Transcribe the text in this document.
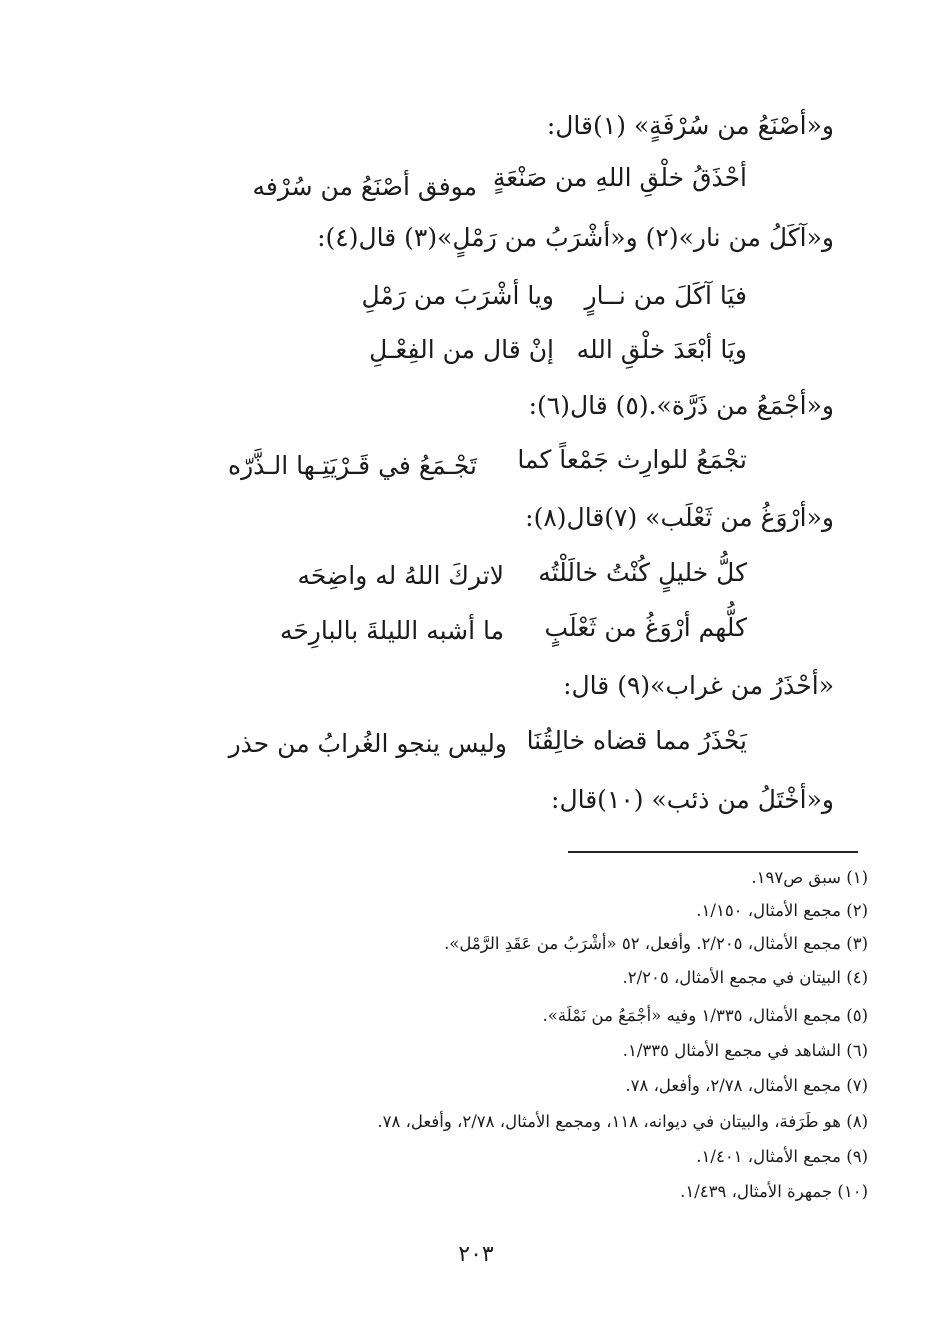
و«أصْنَعُ من سُرْفَةٍ» (١)قال:
أحْذَقُ خلْقِ اللهِ من صَنْعَةٍ
موفق أصْنَعُ من سُرْفه
و«آكَلُ من نار»(٢) و«أشْرَبُ من رَمْلٍ»(٣) قال(٤):
فيَا آكَلَ من نــارٍ
ويا أشْرَبَ من رَمْلِ
ويَا أبْعَدَ خلْقِ الله
إنْ قال من الفِعْـلِ
و«أجْمَعُ من ذَرَّة».(٥) قال(٦):
تجْمَعُ للوارِث جَمْعاً كما
تَجْـمَعُ في قَـرْيَتِـها الـذَّرّه
و«أرْوَغُ من ثَعْلَب» (٧)قال(٨):
كلُّ خليلٍ كُنْتُ خالَلْتُه
لاتركَ اللهُ له واضِحَه
كلُّهم أرْوَغُ من ثَعْلَبٍ
ما أشبه الليلةَ بالبارِحَه
«أحْذَرُ من غراب»(٩) قال:
يَحْذَرُ مما قضاه خالِقُنَا
وليس ينجو الغُرابُ من حذر
و«أخْتَلُ من ذئب» (١٠)قال:
(١) سبق ص١٩٧.
(٢) مجمع الأمثال، ١/١٥٠.
(٣) مجمع الأمثال، ٢/٢٠٥. وأفعل، ٥٢ «أشْرَبُ من عَقَدِ الرَّمْل».
(٤) البيتان في مجمع الأمثال، ٢/٢٠٥.
(٥) مجمع الأمثال، ١/٣٣٥ وفيه «أجْمَعُ من نَمْلَة».
(٦) الشاهد في مجمع الأمثال ١/٣٣٥.
(٧) مجمع الأمثال، ٢/٧٨، وأفعل، ٧٨.
(٨) هو طَرَفة، والبيتان في ديوانه، ١١٨، ومجمع الأمثال، ٢/٧٨، وأفعل، ٧٨.
(٩) مجمع الأمثال، ١/٤٠١.
(١٠) جمهرة الأمثال، ١/٤٣٩.
٢٠٣
